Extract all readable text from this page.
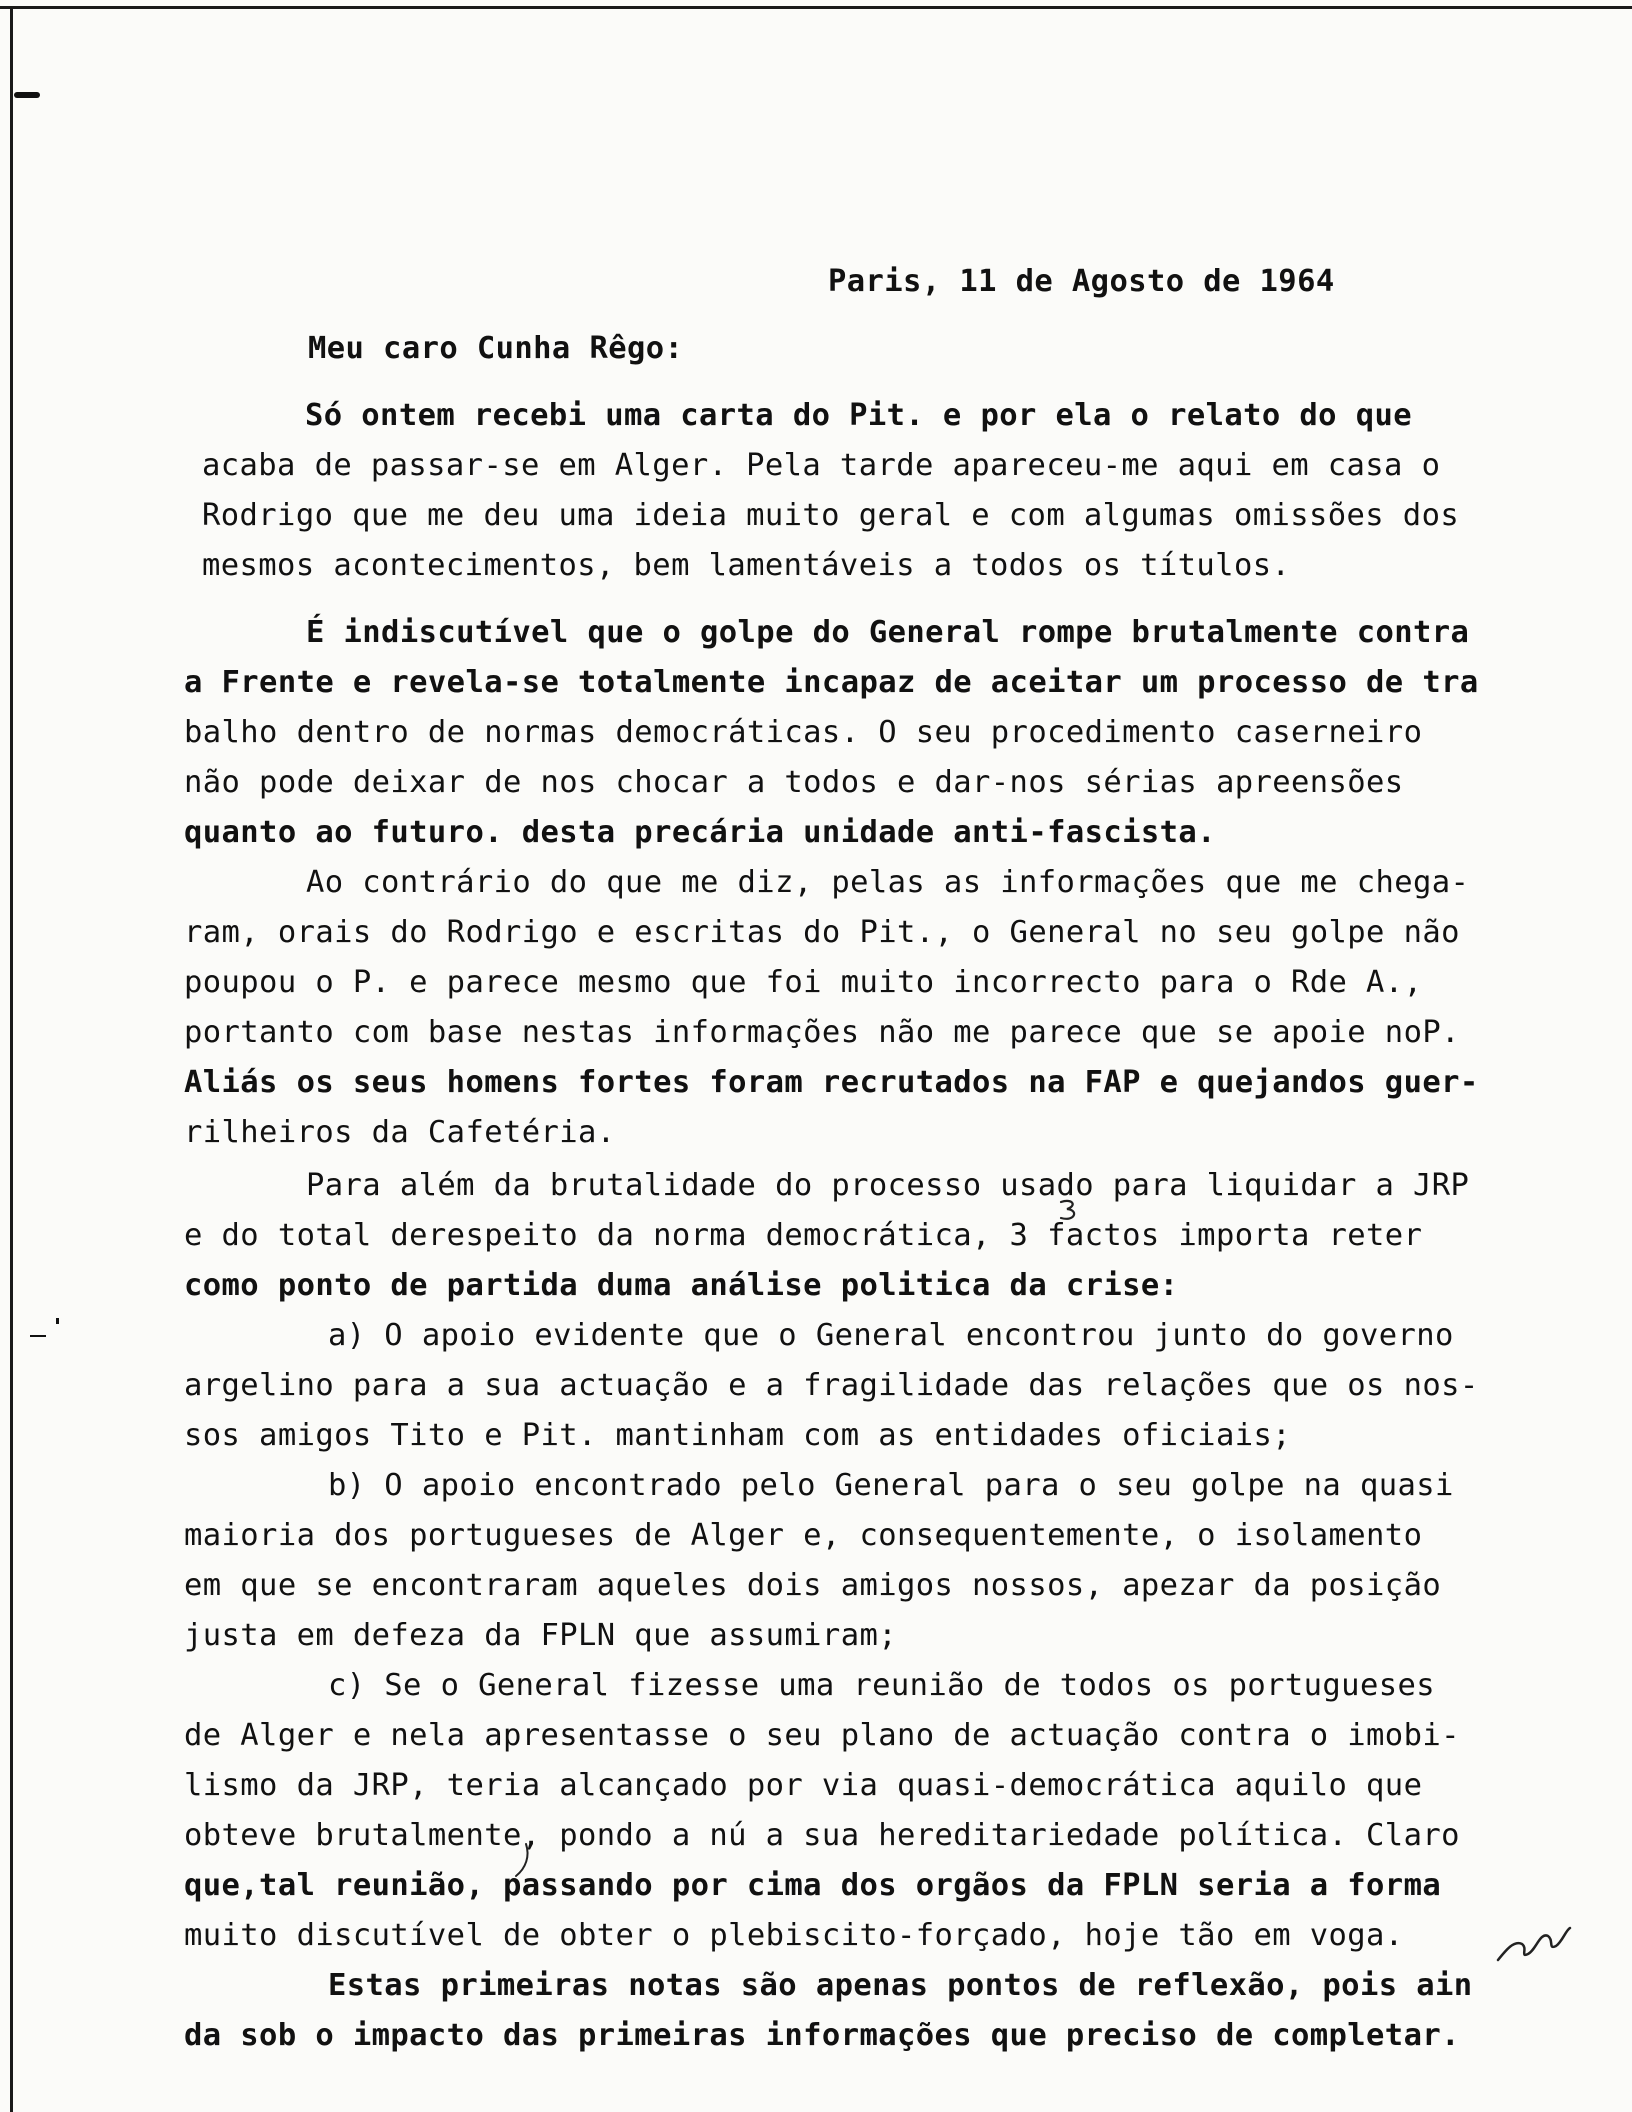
Paris, 11 de Agosto de 1964
Meu caro Cunha Rêgo:
Só ontem recebi uma carta do Pit. e por ela o relato do que
acaba de passar-se em Alger. Pela tarde apareceu-me aqui em casa o
Rodrigo que me deu uma ideia muito geral e com algumas omissões dos
mesmos acontecimentos, bem lamentáveis a todos os títulos.
É indiscutível que o golpe do General rompe brutalmente contra
a Frente e revela-se totalmente incapaz de aceitar um processo de tra
balho dentro de normas democráticas. O seu procedimento caserneiro
não pode deixar de nos chocar a todos e dar-nos sérias apreensões
quanto ao futuro. desta precária unidade anti-fascista.
Ao contrário do que me diz, pelas as informações que me chega-
ram, orais do Rodrigo e escritas do Pit., o General no seu golpe não
poupou o P. e parece mesmo que foi muito incorrecto para o Rde A.,
portanto com base nestas informações não me parece que se apoie noP.
Aliás os seus homens fortes foram recrutados na FAP e quejandos guer-
rilheiros da Cafetéria.
Para além da brutalidade do processo usado para liquidar a JRP
e do total derespeito da norma democrática, 3 factos importa reter
como ponto de partida duma análise politica da crise:
a) O apoio evidente que o General encontrou junto do governo
argelino para a sua actuação e a fragilidade das relações que os nos-
sos amigos Tito e Pit. mantinham com as entidades oficiais;
b) O apoio encontrado pelo General para o seu golpe na quasi
maioria dos portugueses de Alger e, consequentemente, o isolamento
em que se encontraram aqueles dois amigos nossos, apezar da posição
justa em defeza da FPLN que assumiram;
c) Se o General fizesse uma reunião de todos os portugueses
de Alger e nela apresentasse o seu plano de actuação contra o imobi-
lismo da JRP, teria alcançado por via quasi-democrática aquilo que
obteve brutalmente, pondo a nú a sua hereditariedade política. Claro
que,tal reunião, passando por cima dos orgãos da FPLN seria a forma
muito discutível de obter o plebiscito-forçado, hoje tão em voga.
Estas primeiras notas são apenas pontos de reflexão, pois ain
da sob o impacto das primeiras informações que preciso de completar.
